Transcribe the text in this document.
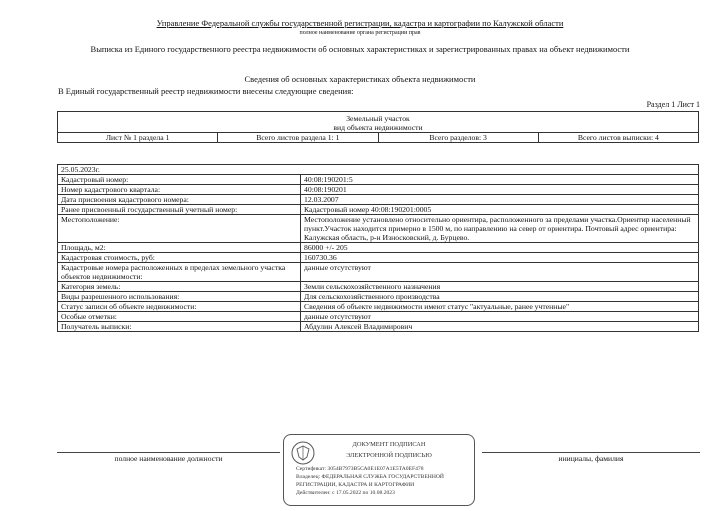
Управление Федеральной службы государственной регистрации, кадастра и картографии по Калужской области
полное наименование органа регистрации прав
Выписка из Единого государственного реестра недвижимости об основных характеристиках и зарегистрированных правах на объект недвижимости
Сведения об основных характеристиках объекта недвижимости
В Единый государственный реестр недвижимости внесены следующие сведения:
Раздел 1 Лист 1
Земельный участок
вид объекта недвижимости

Лист № 1 раздела 1	Всего листов раздела 1: 1	Всего разделов: 3	Всего листов выписки: 4
25.05.2023г.	
Кадастровый номер:	40:08:190201:5
Номер кадастрового квартала:	40:08:190201
Дата присвоения кадастрового номера:	12.03.2007
Ранее присвоенный государственный учетный номер:	Кадастровый номер 40:08:190201:0005
Местоположение:	Местоположение установлено относительно ориентира, расположенного за пределами участка.Ориентир населенный пункт.Участок находится примерно в 1500 м, по направлению на север от ориентира. Почтовый адрес ориентира: Калужская область, р-н Износковский, д. Бурцево.
Площадь, м2:	86000 +/- 205
Кадастровая стоимость, руб:	160730.36
Кадастровые номера расположенных в пределах земельного участка объектов недвижимости:	данные отсутствуют
Категория земель:	Земли сельскохозяйственного назначения
Виды разрешенного использования:	Для сельскохозяйственного производства
Статус записи об объекте недвижимости:	Сведения об объекте недвижимости имеют статус "актуальные, ранее учтенные"
Особые отметки:	данные отсутствуют
Получатель выписки:	Абдулин Алексей Владимирович
полное наименование должности	инициалы, фамилия
ДОКУМЕНТ ПОДПИСАН
ЭЛЕКТРОННОЙ ПОДПИСЬЮ
Сертификат: 3054B797ЗВ5СА0Е1Е07А1Е5ТА0ЕF478
Владелец: ФЕДЕРАЛЬНАЯ СЛУЖБА ГОСУДАРСТВЕННОЙ
РЕГИСТРАЦИИ, КАДАСТРА И КАРТОГРАФИИ
Действителен: с 17.05.2022 по 10.08.2023
